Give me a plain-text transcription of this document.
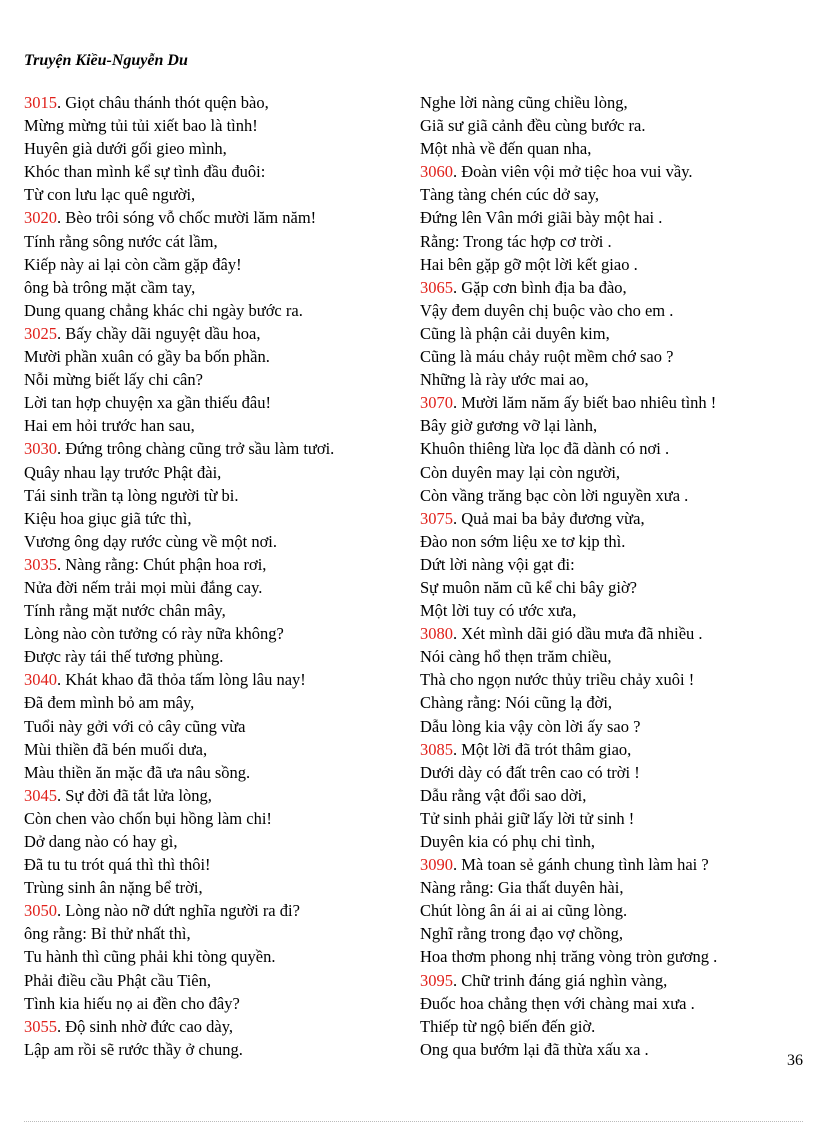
Truyện Kiều-Nguyễn Du
3015. Giọt châu thánh thót quện bào,
Mừng mừng tủi tủi xiết bao là tình!
Huyên già dưới gối gieo mình,
Khóc than mình kể sự tình đầu đuôi:
Từ con lưu lạc quê người,
3020. Bèo trôi sóng vỗ chốc mười lăm năm!
Tính rằng sông nước cát lầm,
Kiếp này ai lại còn cầm gặp đây!
ông bà trông mặt cầm tay,
Dung quang chẳng khác chi ngày bước ra.
3025. Bấy chầy dãi nguyệt dầu hoa,
Mười phần xuân có gầy ba bốn phần.
Nỗi mừng biết lấy chi cân?
Lời tan hợp chuyện xa gần thiếu đâu!
Hai em hỏi trước han sau,
3030. Đứng trông chàng cũng trở sầu làm tươi.
Quây nhau lạy trước Phật đài,
Tái sinh trần tạ lòng người từ bi.
Kiệu hoa giục giã tức thì,
Vương ông dạy rước cùng về một nơi.
3035. Nàng rằng: Chút phận hoa rơi,
Nửa đời nếm trải mọi mùi đắng cay.
Tính rằng mặt nước chân mây,
Lòng nào còn tưởng có rày nữa không?
Được rày tái thế tương phùng.
3040. Khát khao đã thỏa tấm lòng lâu nay!
Đã đem mình bỏ am mây,
Tuổi này gởi với cỏ cây cũng vừa
Mùi thiền đã bén muối dưa,
Màu thiền ăn mặc đã ưa nâu sồng.
3045. Sự đời đã tắt lửa lòng,
Còn chen vào chốn bụi hồng làm chi!
Dở dang nào có hay gì,
Đã tu tu trót quá thì thì thôi!
Trùng sinh ân nặng bể trời,
3050. Lòng nào nỡ dứt nghĩa người ra đi?
ông rằng: Bỉ thử nhất thì,
Tu hành thì cũng phải khi tòng quyền.
Phải điều cầu Phật cầu Tiên,
Tình kia hiếu nọ ai đền cho đây?
3055. Độ sinh nhờ đức cao dày,
Lập am rồi sẽ rước thầy ở chung.
Nghe lời nàng cũng chiều lòng,
Giã sư giã cảnh đều cùng bước ra.
Một nhà về đến quan nha,
3060. Đoàn viên vội mở tiệc hoa vui vầy.
Tàng tàng chén cúc dở say,
Đứng lên Vân mới giãi bày một hai .
Rằng: Trong tác hợp cơ trời .
Hai bên gặp gỡ một lời kết giao .
3065. Gặp cơn bình địa ba đào,
Vậy đem duyên chị buộc vào cho em .
Cũng là phận cải duyên kim,
Cũng là máu chảy ruột mềm chớ sao ?
Những là rày ước mai ao,
3070. Mười lăm năm ấy biết bao nhiêu tình !
Bây giờ gương vỡ lại lành,
Khuôn thiêng lừa lọc đã dành có nơi .
Còn duyên may lại còn người,
Còn vầng trăng bạc còn lời nguyền xưa .
3075. Quả mai ba bảy đương vừa,
Đào non sớm liệu xe tơ kịp thì.
Dứt lời nàng vội gạt đi:
Sự muôn năm cũ kể chi bây giờ?
Một lời tuy có ước xưa,
3080. Xét mình dãi gió dầu mưa đã nhiều .
Nói càng hổ thẹn trăm chiều,
Thà cho ngọn nước thủy triều chảy xuôi !
Chàng rằng: Nói cũng lạ đời,
Dẫu lòng kia vậy còn lời ấy sao ?
3085. Một lời đã trót thâm giao,
Dưới dày có đất trên cao có trời !
Dẫu rằng vật đổi sao dời,
Tử sinh phải giữ lấy lời tử sinh !
Duyên kia có phụ chi tình,
3090. Mà toan sẻ gánh chung tình làm hai ?
Nàng rằng: Gia thất duyên hài,
Chút lòng ân ái ai ai cũng lòng.
Nghĩ rằng trong đạo vợ chồng,
Hoa thơm phong nhị trăng vòng tròn gương .
3095. Chữ trinh đáng giá nghìn vàng,
Đuốc hoa chẳng thẹn với chàng mai xưa .
Thiếp từ ngộ biến đến giờ.
Ong qua bướm lại đã thừa xấu xa .
36
